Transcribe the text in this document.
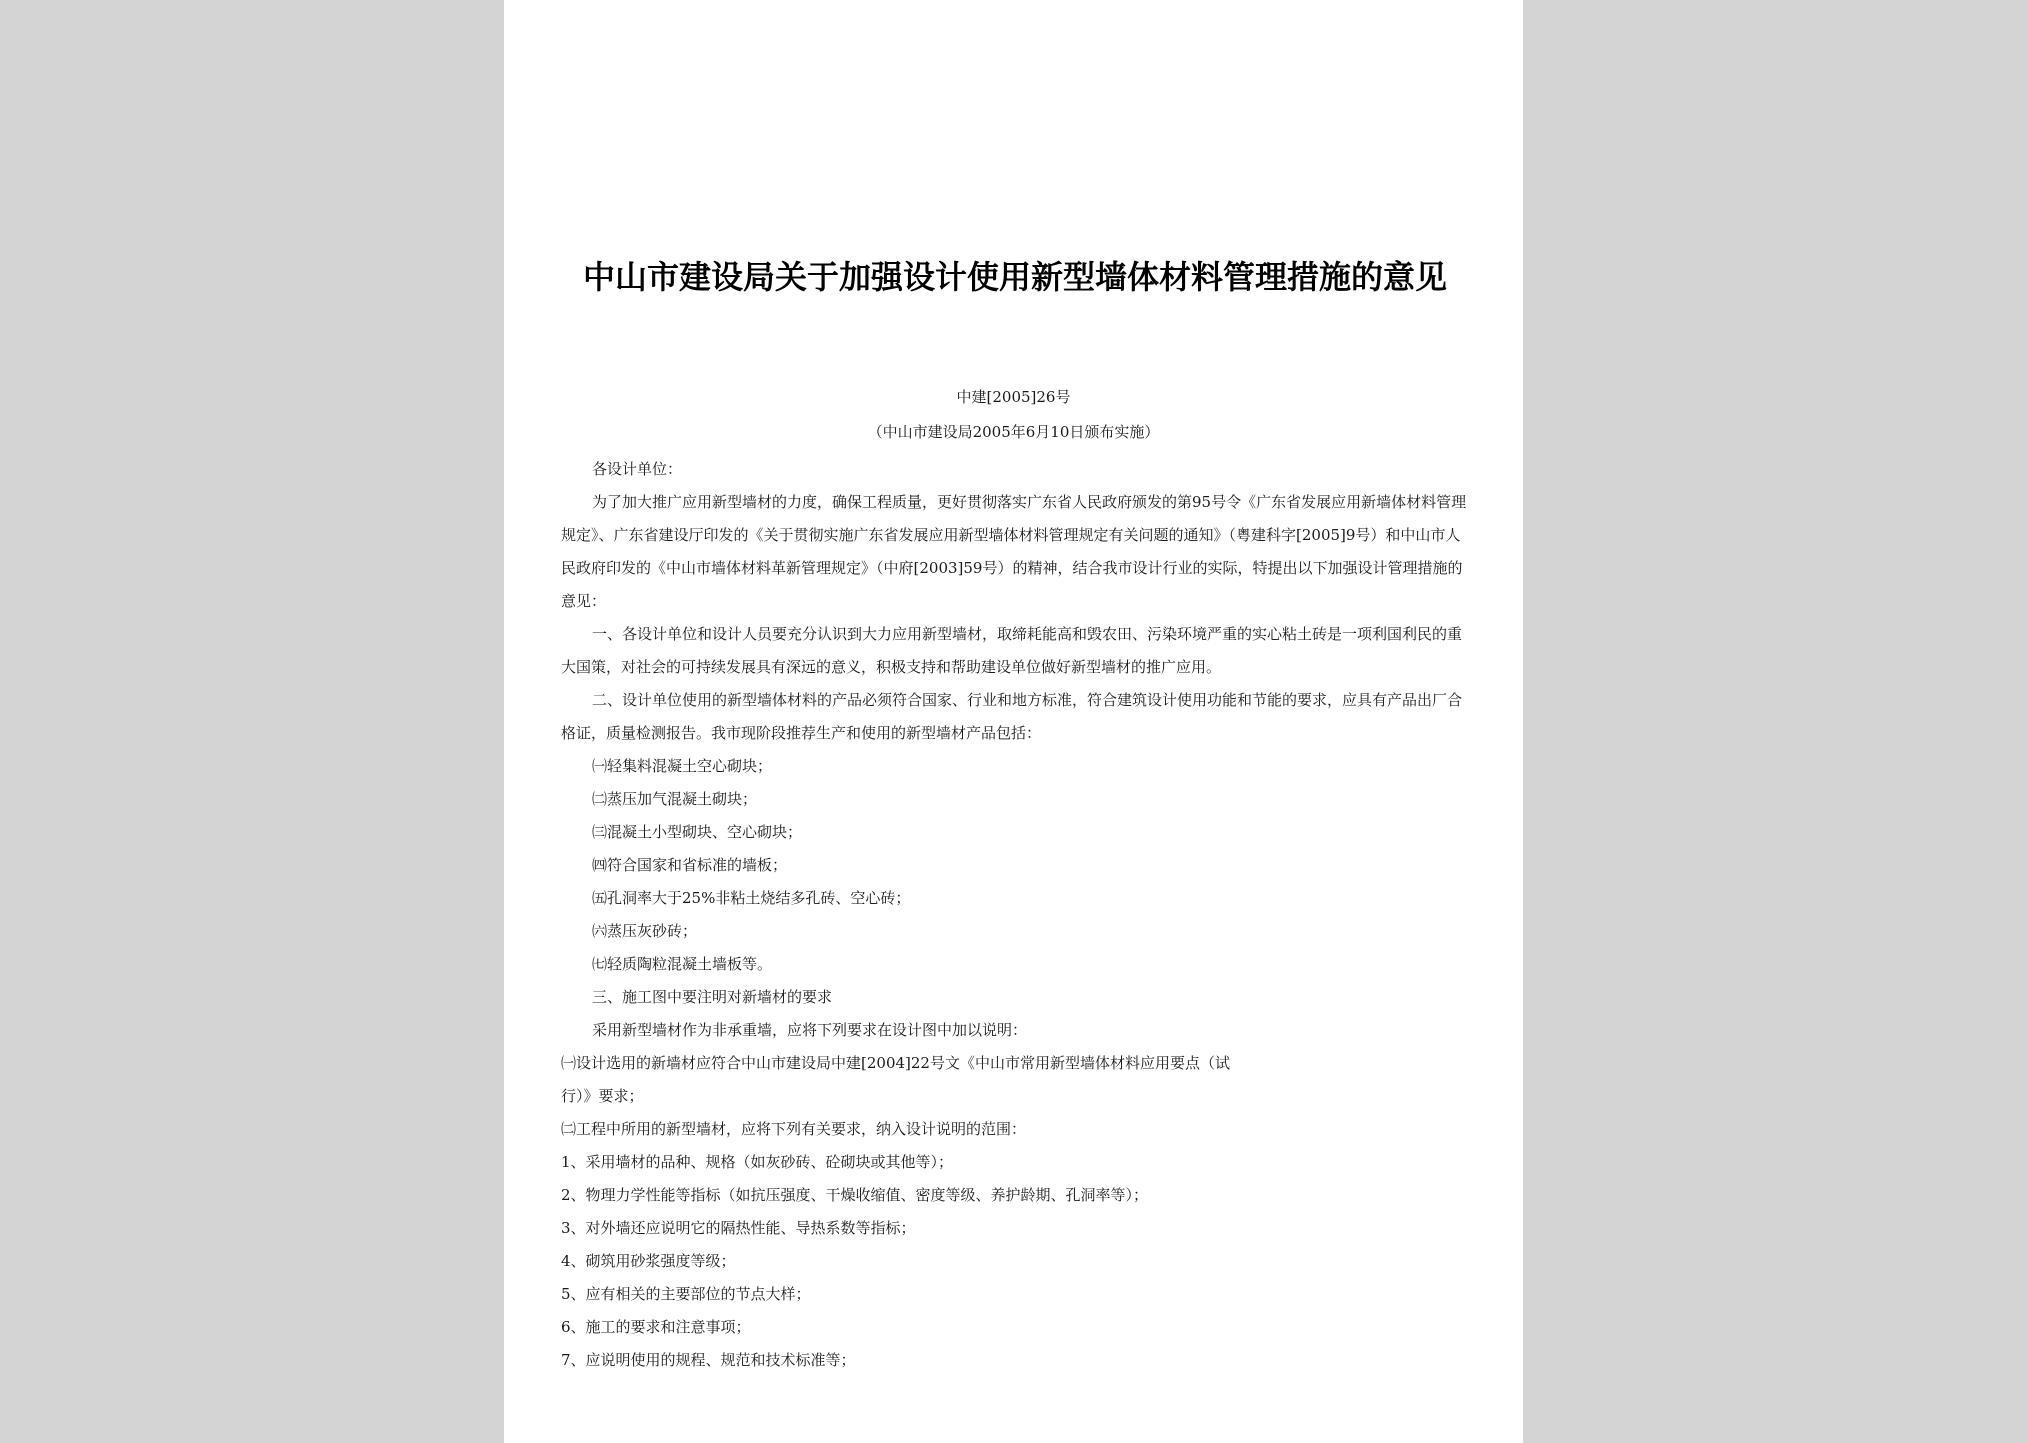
中山市建设局关于加强设计使用新型墙体材料管理措施的意见
中建[2005]26号
（中山市建设局2005年6月10日颁布实施）

各设计单位：

为了加大推广应用新型墙材的力度，确保工程质量，更好贯彻落实广东省人民政府颁发的第95号令《广东省发展应用新墙体材料管理规定》、广东省建设厅印发的《关于贯彻实施广东省发展应用新型墙体材料管理规定有关问题的通知》（粤建科字[2005]9号）和中山市人民政府印发的《中山市墙体材料革新管理规定》（中府[2003]59号）的精神，结合我市设计行业的实际，特提出以下加强设计管理措施的意见：

一、各设计单位和设计人员要充分认识到大力应用新型墙材，取缔耗能高和毁农田、污染环境严重的实心粘土砖是一项利国利民的重大国策，对社会的可持续发展具有深远的意义，积极支持和帮助建设单位做好新型墙材的推广应用。

二、设计单位使用的新型墙体材料的产品必须符合国家、行业和地方标准，符合建筑设计使用功能和节能的要求，应具有产品出厂合格证，质量检测报告。我市现阶段推荐生产和使用的新型墙材产品包括：

㈠轻集料混凝土空心砌块；

㈡蒸压加气混凝土砌块；

㈢混凝土小型砌块、空心砌块；

㈣符合国家和省标准的墙板；

㈤孔洞率大于25%非粘土烧结多孔砖、空心砖；

㈥蒸压灰砂砖；

㈦轻质陶粒混凝土墙板等。

三、施工图中要注明对新墙材的要求

采用新型墙材作为非承重墙，应将下列要求在设计图中加以说明：

㈠设计选用的新墙材应符合中山市建设局中建[2004]22号文《中山市常用新型墙体材料应用要点（试

行）》要求；

㈡工程中所用的新型墙材，应将下列有关要求，纳入设计说明的范围：

1、采用墙材的品种、规格（如灰砂砖、砼砌块或其他等）；

2、物理力学性能等指标（如抗压强度、干燥收缩值、密度等级、养护龄期、孔洞率等）；

3、对外墙还应说明它的隔热性能、导热系数等指标；

4、砌筑用砂浆强度等级；

5、应有相关的主要部位的节点大样；

6、施工的要求和注意事项；

7、应说明使用的规程、规范和技术标准等；
